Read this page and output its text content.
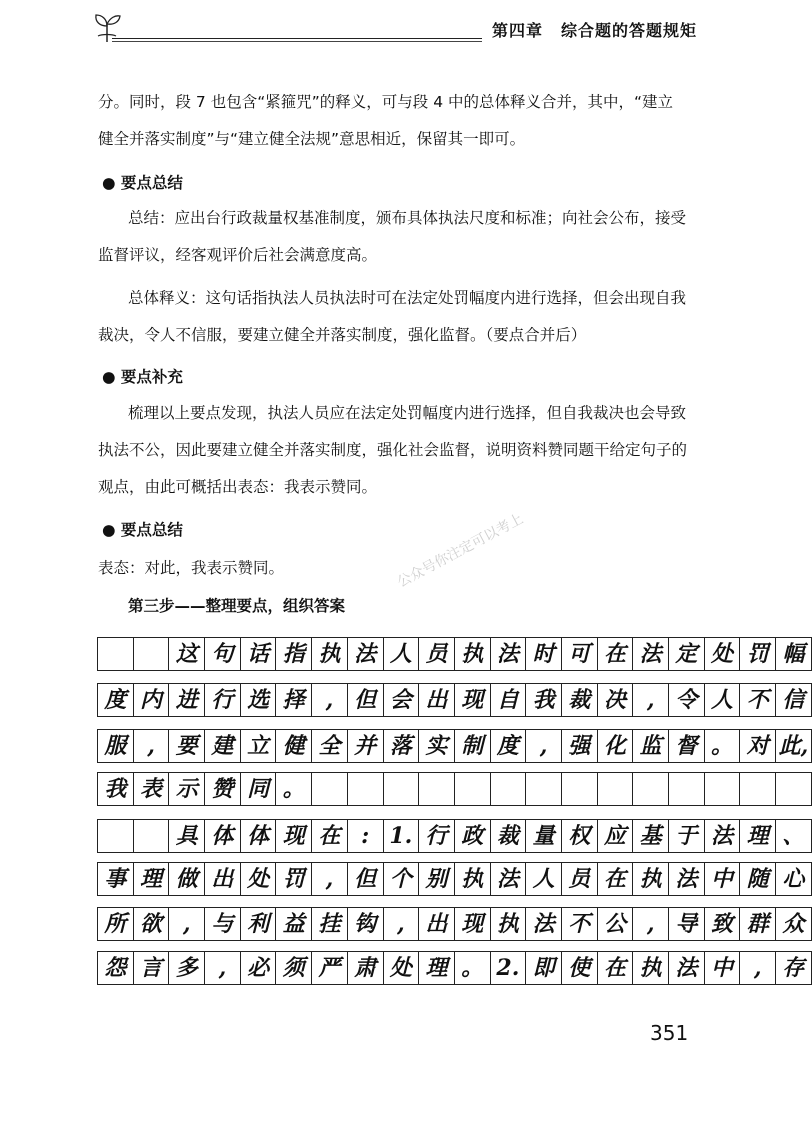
第四章 综合题的答题规矩
分。同时，段 7 也包含“紧箍咒”的释义，可与段 4 中的总体释义合并，其中，“建立
健全并落实制度”与“建立健全法规”意思相近，保留其一即可。
● 要点总结
总结：应出台行政裁量权基准制度，颁布具体执法尺度和标准；向社会公布，接受
监督评议，经客观评价后社会满意度高。
总体释义：这句话指执法人员执法时可在法定处罚幅度内进行选择，但会出现自我
裁决，令人不信服，要建立健全并落实制度，强化监督。（要点合并后）
● 要点补充
梳理以上要点发现，执法人员应在法定处罚幅度内进行选择，但自我裁决也会导致
执法不公，因此要建立健全并落实制度，强化社会监督，说明资料赞同题干给定句子的
观点，由此可概括出表态：我表示赞同。
● 要点总结
表态：对此，我表示赞同。
第三步——整理要点，组织答案
公众号你注定可以考上
		这	句	话	指	执	法	人	员	执	法	时	可	在	法	定	处	罚	幅
度	内	进	行	选	择	,	但	会	出	现	自	我	裁	决	,	令	人	不	信
服	,	要	建	立	健	全	并	落	实	制	度	,	强	化	监	督	。	对	此,
我	表	示	赞	同	。														
		具	体	体	现	在	:	1.	行	政	裁	量	权	应	基	于	法	理	、
事	理	做	出	处	罚	,	但	个	别	执	法	人	员	在	执	法	中	随	心
所	欲	,	与	利	益	挂	钩	,	出	现	执	法	不	公	,	导	致	群	众
怨	言	多	,	必	须	严	肃	处	理	。	2.	即	使	在	执	法	中	,	存
351
